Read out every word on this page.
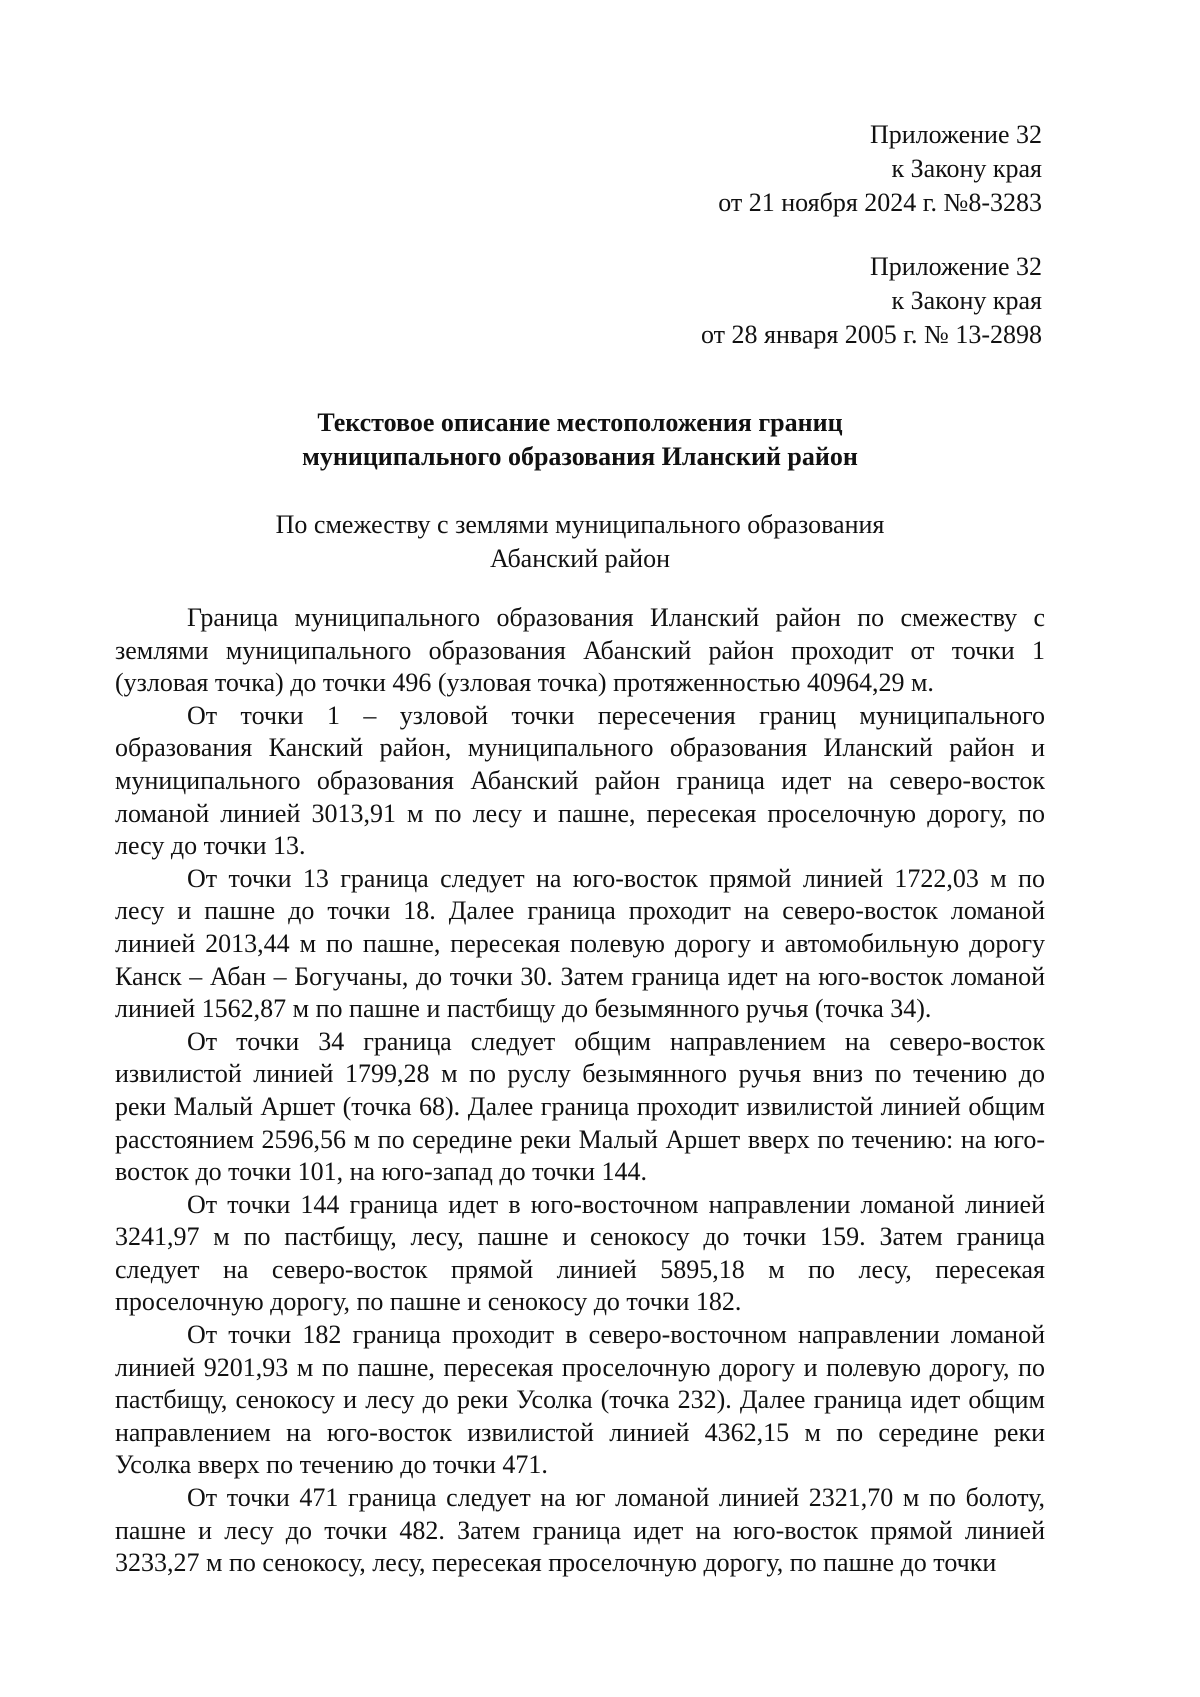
Приложение 32
к Закону края
от 21 ноября 2024 г. №8-3283
Приложение 32
к Закону края
от 28 января 2005 г. № 13-2898
Текстовое описание местоположения границ
муниципального образования Иланский район
По смежеству с землями муниципального образования
Абанский район

Граница муниципального образования Иланский район по смежеству с землями муниципального образования Абанский район проходит от точки 1 (узловая точка) до точки 496 (узловая точка) протяженностью 40964,29 м.

От точки 1 – узловой точки пересечения границ муниципального образования Канский район, муниципального образования Иланский район и муниципального образования Абанский район граница идет на северо-восток ломаной линией 3013,91 м по лесу и пашне, пересекая проселочную дорогу, по лесу до точки 13.

От точки 13 граница следует на юго-восток прямой линией 1722,03 м по лесу и пашне до точки 18. Далее граница проходит на северо-восток ломаной линией 2013,44 м по пашне, пересекая полевую дорогу и автомобильную дорогу Канск – Абан – Богучаны, до точки 30. Затем граница идет на юго-восток ломаной линией 1562,87 м по пашне и пастбищу до безымянного ручья (точка 34).

От точки 34 граница следует общим направлением на северо-восток извилистой линией 1799,28 м по руслу безымянного ручья вниз по течению до реки Малый Аршет (точка 68). Далее граница проходит извилистой линией общим расстоянием 2596,56 м по середине реки Малый Аршет вверх по течению: на юго-восток до точки 101, на юго-запад до точки 144.

От точки 144 граница идет в юго-восточном направлении ломаной линией 3241,97 м по пастбищу, лесу, пашне и сенокосу до точки 159. Затем граница следует на северо-восток прямой линией 5895,18 м по лесу, пересекая проселочную дорогу, по пашне и сенокосу до точки 182.

От точки 182 граница проходит в северо-восточном направлении ломаной линией 9201,93 м по пашне, пересекая проселочную дорогу и полевую дорогу, по пастбищу, сенокосу и лесу до реки Усолка (точка 232). Далее граница идет общим направлением на юго-восток извилистой линией 4362,15 м по середине реки Усолка вверх по течению до точки 471.

От точки 471 граница следует на юг ломаной линией 2321,70 м по болоту, пашне и лесу до точки 482. Затем граница идет на юго-восток прямой линией 3233,27 м по сенокосу, лесу, пересекая проселочную дорогу, по пашне до точки
